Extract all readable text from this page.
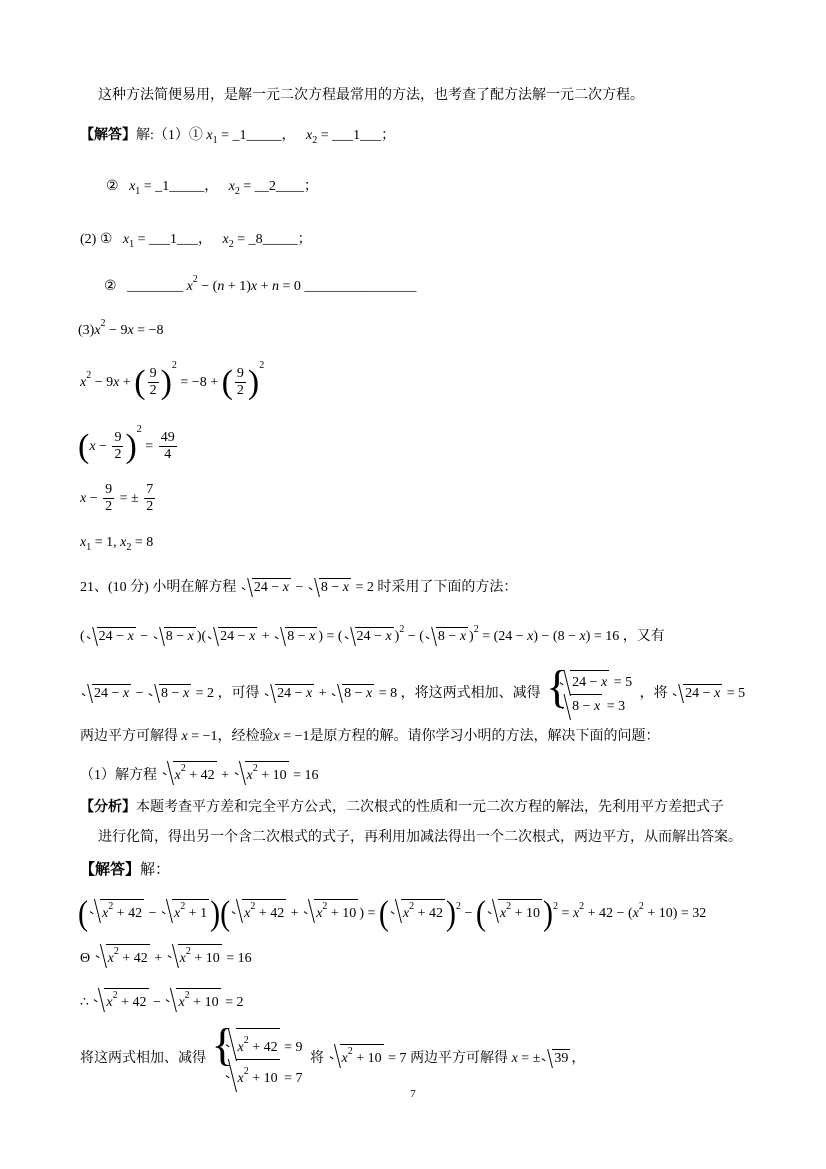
这种方法简便易用，是解一元二次方程最常用的方法，也考查了配方法解一元二次方程。
【解答】解:（1）① $x_1$ = _1_____， $x_2$ = ___1___；
② $x_1$ = _1_____，   $x_2$ = __2____；
(2) ① $x_1$ = ___1___，   $x_2$ = _8_____；
②   ________ $x^2 - (n + 1)x + n = 0$ ________________
$(3)x^2 - 9x = -8$
$x^2 - 9x$ + ( $\frac{9}{2} )^2 = -8$ + ( $\frac{9}{2} )^2$
$(x - \frac{9}{2} )^2 = \frac{49}{4}$
$x - \frac{9}{2}$ = ± $\frac{7}{2}$
$x_1 = 1$, $x_2 = 8$
21、(10 分) 小明在解方程 24 − x −
8 − x = 2 时采用了下面的方法：
( 24 − x −
8 − x )( 24 − x +
8 − x ) = ( 24 − x )$^2$ − ( 8 − x )$^2$ = (24 − x) − (8 − x) = 16 ，又有
24 − x −
8 − x = 2 ，可得 24 − x +
8 − x = 8 ，将这两式相加、减得 { 24 − x = 5
8 − x = 3
，将 24 − x = 5
两边平方可解得 x = −1，经检验x = −1是原方程的解。请你学习小明的方法，解决下面的问题：
（1）解方程 $x^2 + 42$ +
$x^2 + 10 = 16$
【分析】本题考查平方差和完全平方公式，二次根式的性质和一元二次方程的解法，先利用平方差把式子
进行化简，得出另一个含二次根式的式子，再利用加减法得出一个二次根式，两边平方，从而解出答案。
【解答】解：
( $x^2 + 42$ −
$x^2 + 1$ )( $x^2 + 42$ +
$x^2 + 10$ ) = ( $x^2 + 42$ )$^2$ − ( $x^2 + 10$ )$^2 = x^2 + 42 - (x^2 + 10) = 32$
Θ $x^2 + 42$ +
$x^2 + 10 = 16$
∴ $x^2 + 42$ −
$x^2 + 10 = 2$
将这两式相加、减得 { $x^2 + 42 = 9$
$x^2 + 10 = 7$
将 $x^2 + 10 = 7$ 两边平方可解得 x = ± 39 ，
7
